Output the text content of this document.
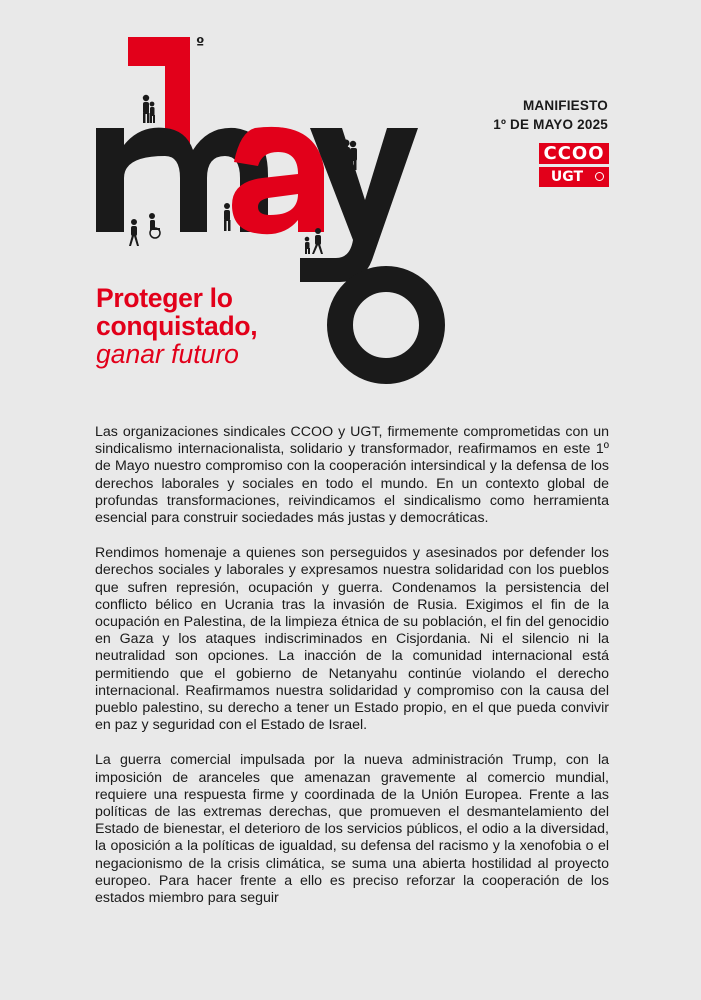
º
MANIFIESTO
1º DE MAYO 2025
CCOO
UGT
Proteger lo
conquistado,
ganar futuro

Las organizaciones sindicales CCOO y UGT, firmemente comprometidas con un sindicalismo internacionalista, solidario y transformador, reafirmamos en este 1º de Mayo nuestro compromiso con la cooperación intersindical y la defensa de los derechos laborales y sociales en todo el mundo. En un contexto global de profundas transformaciones, reivindicamos el sindicalismo como herramienta esencial para construir sociedades más justas y democráticas.

Rendimos homenaje a quienes son perseguidos y asesinados por defender los derechos sociales y laborales y expresamos nuestra solidaridad con los pueblos que sufren represión, ocupación y guerra. Condenamos la persistencia del conflicto bélico en Ucrania tras la invasión de Rusia. Exigimos el fin de la ocupación en Palestina, de la limpieza étnica de su población, el fin del genocidio en Gaza y los ataques indiscriminados en Cisjordania. Ni el silencio ni la neutralidad son opciones. La inacción de la comunidad internacional está permitiendo que el gobierno de Netanyahu continúe violando el derecho internacional. Reafirmamos nuestra solidaridad y compromiso con la causa del pueblo palestino, su derecho a tener un Estado propio, en el que pueda convivir en paz y seguridad con el Estado de Israel.

La guerra comercial impulsada por la nueva administración Trump, con la imposición de aranceles que amenazan gravemente al comercio mundial, requiere una respuesta firme y coordinada de la Unión Europea. Frente a las políticas de las extremas derechas, que promueven el desmantelamiento del Estado de bienestar, el deterioro de los servicios públicos, el odio a la diversidad, la oposición a la políticas de igualdad, su defensa del racismo y la xenofobia o el negacionismo de la crisis climática, se suma una abierta hostilidad al proyecto europeo. Para hacer frente a ello es preciso reforzar la cooperación de los estados miembro para seguir
